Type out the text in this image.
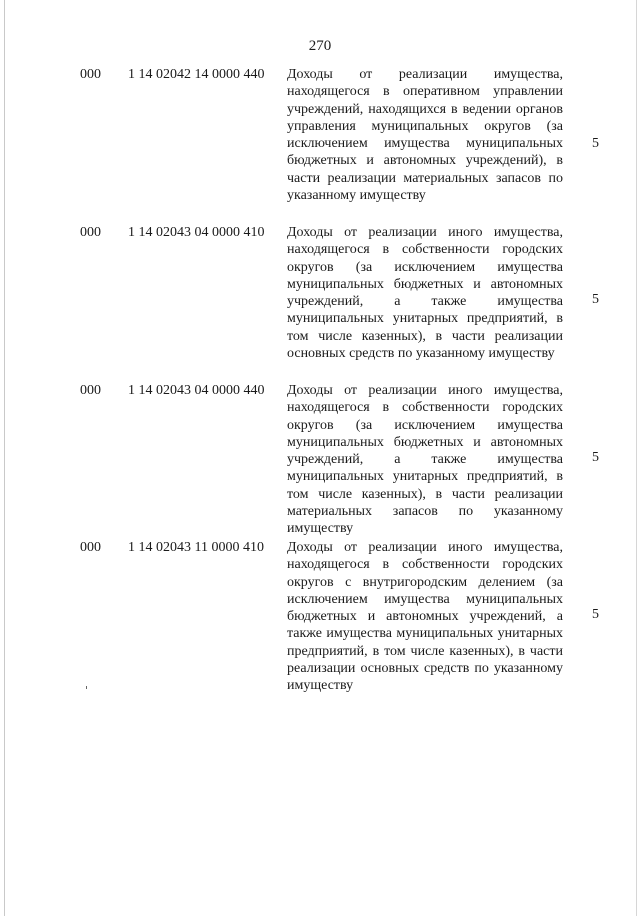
270
000 1 14 02042 14 0000 440 Доходы от реализации имущества, находящегося в оперативном управлении учреждений, находящихся в ведении органов управления муниципальных округов (за исключением имущества муниципальных бюджетных и автономных учреждений), в части реализации материальных запасов по указанному имуществу
5
000 1 14 02043 04 0000 410 Доходы от реализации иного имущества, находящегося в собственности городских округов (за исключением имущества муниципальных бюджетных и автономных учреждений, а также имущества муниципальных унитарных предприятий, в том числе казенных), в части реализации основных средств по указанному имуществу
5
000 1 14 02043 04 0000 440 Доходы от реализации иного имущества, находящегося в собственности городских округов (за исключением имущества муниципальных бюджетных и автономных учреждений, а также имущества муниципальных унитарных предприятий, в том числе казенных), в части реализации материальных запасов по указанному имуществу
5
000 1 14 02043 11 0000 410 Доходы от реализации иного имущества, находящегося в собственности городских округов с внутригородским делением (за исключением имущества муниципальных бюджетных и автономных учреждений, а также имущества муниципальных унитарных предприятий, в том числе казенных), в части реализации основных средств по указанному имуществу
5
